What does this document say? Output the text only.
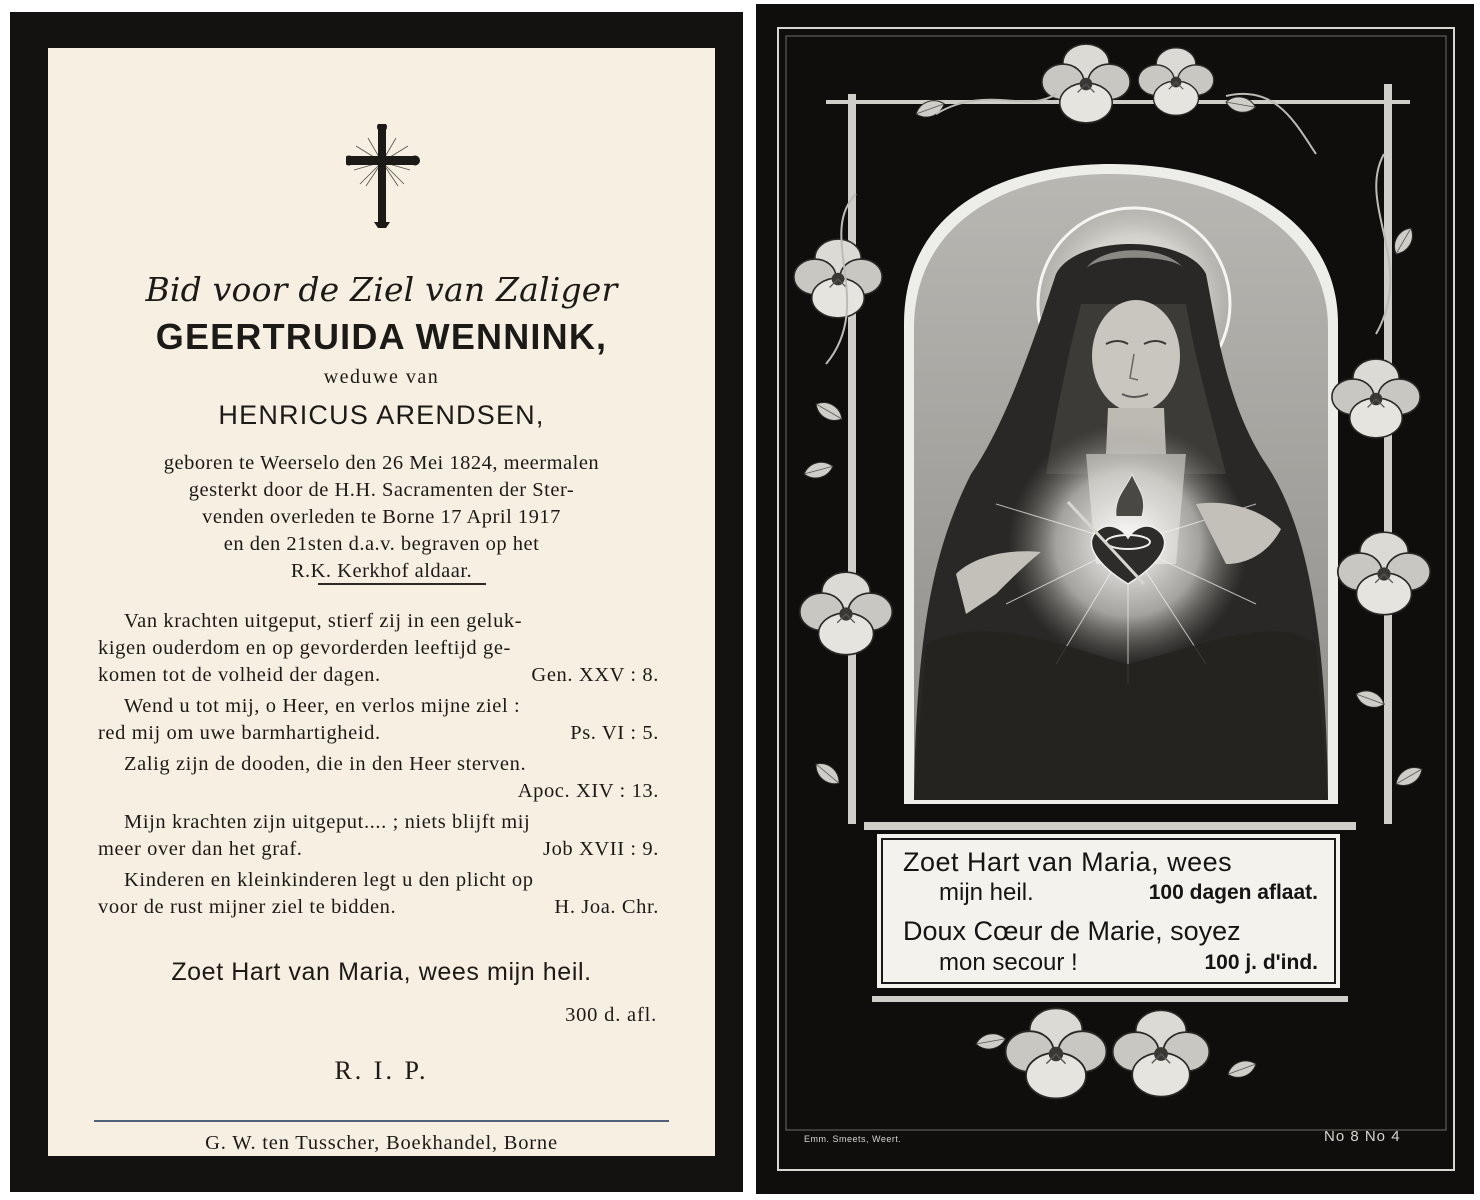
Bid voor de Ziel van Zaliger
GEERTRUIDA WENNINK,
weduwe van
HENRICUS ARENDSEN,
geboren te Weerselo den 26 Mei 1824, meermalen
gesterkt door de H.H. Sacramenten der Ster-
venden overleden te Borne 17 April 1917
en den 21sten d.a.v. begraven op het
R.K. Kerkhof aldaar.
Van krachten uitgeput, stierf zij in een geluk-
kigen ouderdom en op gevorderden leeftijd ge-
komen tot de volheid der dagen.	Gen. XXV : 8.
Wend u tot mij, o Heer, en verlos mijne ziel :
red mij om uwe barmhartigheid.	Ps. VI : 5.
Zalig zijn de dooden, die in den Heer sterven.
Apoc. XIV : 13.
Mijn krachten zijn uitgeput.... ; niets blijft mij
meer over dan het graf.	Job XVII : 9.
Kinderen en kleinkinderen legt u den plicht op
voor de rust mijner ziel te bidden.	H. Joa. Chr.
Zoet Hart van Maria, wees mijn heil.
300 d. afl.
R. I. P.
G. W. ten Tusscher, Boekhandel, Borne
Zoet Hart van Maria, wees
mijn heil.	100 dagen aflaat.
Doux Cœur de Marie, soyez
mon secour !	100 j. d'ind.
Emm. Smeets, Weert.	No 8 No 4
